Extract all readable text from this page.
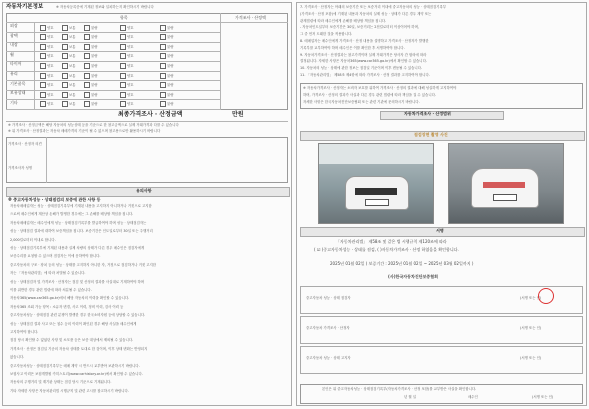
자동차기본정보	※ 자동차등록증에 기재된 정보와 일치하는지 확인하시기 바랍니다
항목	가격조사 · 산정액
외장	양호	보통	불량	양호	불량
광택	양호	보통	불량	양호	불량
내장	양호	보통	불량	양호	불량
휠	양호	보통	불량	양호	불량
타이어	양호	보통	불량	양호	불량
유리	양호	보통	불량	양호	불량
기본품목	양호	보통	불량	양호	불량
보유상태	양호	보통	불량	양호	불량
기타	양호	보통	불량	양호	불량
최종가격조사 · 산정금액	만원
※ 가격조사 · 산정금액은 해당 자동차의 성능상태 등을 기준으로 한 참고금액으로 실제 거래가격과 다를 수 있습니다
※ 위 가격조사 · 산정결과는 자동차 매매가격의 기준이 될 수 없으며 참고용으로만 활용하시기 바랍니다
가격조사 · 산정자 의견
가격조사자 성명
유의사항
※ 중고자동차성능 · 상태점검의 보증에 관한 사항 등
자동차매매업자는 성능 · 상태점검기록부에 기재된 내용을 고지하지 아니하거나 거짓으로 고지함
으로써 매수인에게 재산상 손해가 발생한 경우에는 그 손해를 배상할 책임을 집니다.
자동차매매업자는 매수인에게 성능 · 상태점검기록부를 발급하여야 하며 성능 · 상태점검자는
성능 · 상태점검 결과에 대하여 보증책임을 집니다. 보증기간은 인도일로부터 30일 또는 주행거리
2,000킬로미터 이내로 합니다.
성능 · 상태점검기록부에 기재된 내용과 실제 차량의 상태가 다른 경우 매수인은 점검자에게
보증수리를 요청할 수 있으며 점검자는 이에 응하여야 합니다.
중고자동차의 구조 · 장치 등의 성능 · 상태를 고지하지 아니한 자, 거짓으로 점검하거나 거짓 고지한
자는 「자동차관리법」에 따라 처벌될 수 있습니다.
성능 · 상태점검자 및 가격조사 · 산정자는 점검 및 산정의 결과를 사실대로 기재하여야 하며
이를 위반한 경우 관련 법령에 따라 처분될 수 있습니다.
자동차365(www.car365.go.kr)에서 해당 자동차의 이력을 확인할 수 있습니다.
자동차365 조회 가능 항목 : 소유자 변경, 사고 이력, 정비 이력, 검사 이력 등
중고자동차성능 · 상태점검 관련 분쟁이 발생한 경우 한국소비자원 등에 상담할 수 있습니다.
성능 · 상태점검 결과 사고 또는 침수 등의 이력이 확인된 경우 해당 사실을 매수인에게
고지하여야 합니다.
점검 당시 확인할 수 없었던 사항 및 소모품 등은 보증 대상에서 제외될 수 있습니다.
가격조사 · 산정은 점검일 기준의 자동차 상태를 토대로 한 것이며, 이후 상태 변화는 반영되지
않습니다.
중고자동차성능 · 상태점검기록부는 매매 계약 시 반드시 교부받아 보관하시기 바랍니다.
보험사고 이력은 보험개발원 카히스토리(www.carhistory.or.kr)에서 확인할 수 있습니다.
자동차의 주행거리 및 계기판 상태는 점검 당시 기준으로 기재됩니다.
기타 자세한 사항은 자동차관리법 시행규칙 및 관련 고시를 참고하시기 바랍니다.
7. 가격조사 · 산정자는 아래의 보증기간 또는 보증거리 이내에 중고자동차의 성능 · 상태점검기록부
(가격조사 · 산정 포함)에 기재된 내용과 자동차의 실제 성능 · 상태가 다른 경우 계약 또는
관계법령에 따라 매수인에게 손해를 배상할 책임을 집니다.
- 자동차인도일부터 보증기간은 30일, 보증거리는 2천킬로미터 이상이어야 하며,
그 중 먼저 도래한 것을 적용합니다.
8. 매매업자는 매수인에게 가격조사 · 산정 내용을 설명하고 가격조사 · 산정자가 발행한
기록부를 교부하여야 하며 매수인은 이를 확인한 후 서명하여야 합니다.
9. 자동차가격조사 · 산정결과는 참고가격이며 실제 거래가격은 당사자 간 합의에 따라
결정됩니다. 자세한 사항은 자동차365(www.car365.go.kr)에서 확인할 수 있습니다.
10. 자동차의 성능 · 상태에 관한 정보는 점검일 기준이며 이후 변동될 수 있습니다.
11. 「자동차관리법」 제58조 제4항에 따라 가격조사 · 산정 결과를 고지하여야 합니다.
※ 자동차가격조사 · 산정자는 소비자 보호를 위하여 가격조사 · 산정의 결과에 대해 성실하게 고지하여야
하며, 가격조사 · 산정의 결과가 사실과 다른 경우 관련 법령에 따라 책임을 질 수 있습니다.
자세한 사항은 한국자동차진단보증협회 또는 관련 기관에 문의하시기 바랍니다.
자동차가격조사 · 산정범위
점검장면 촬영 사진
서명
「자동차관리법」 제58조 및 같은 법 시행규칙 제120조에 따라
( ☑ )중고자동차성능 · 상태를 점검, ( )자동차가격조사 · 산정 하였음을 확인합니다.
2025년 01월 02일 ( 보증기간 : 2025년 01월 02일 ~ 2025년 03월 02일까지 )
(사)한국자동차진단보증협회
중고자동차 성능 · 상태 점검자	(서명 또는 인)
중고자동차 가격조사 · 산정자	(서명 또는 인)
중고자동차 성능 · 상태 고지자	(서명 또는 인)
본인은 위 중고자동차성능 · 상태점검기록부(자동차가격조사 · 산정 포함)를 교부받은 사실을 확인합니다.
년 월 일	매수인	(서명 또는 인)
